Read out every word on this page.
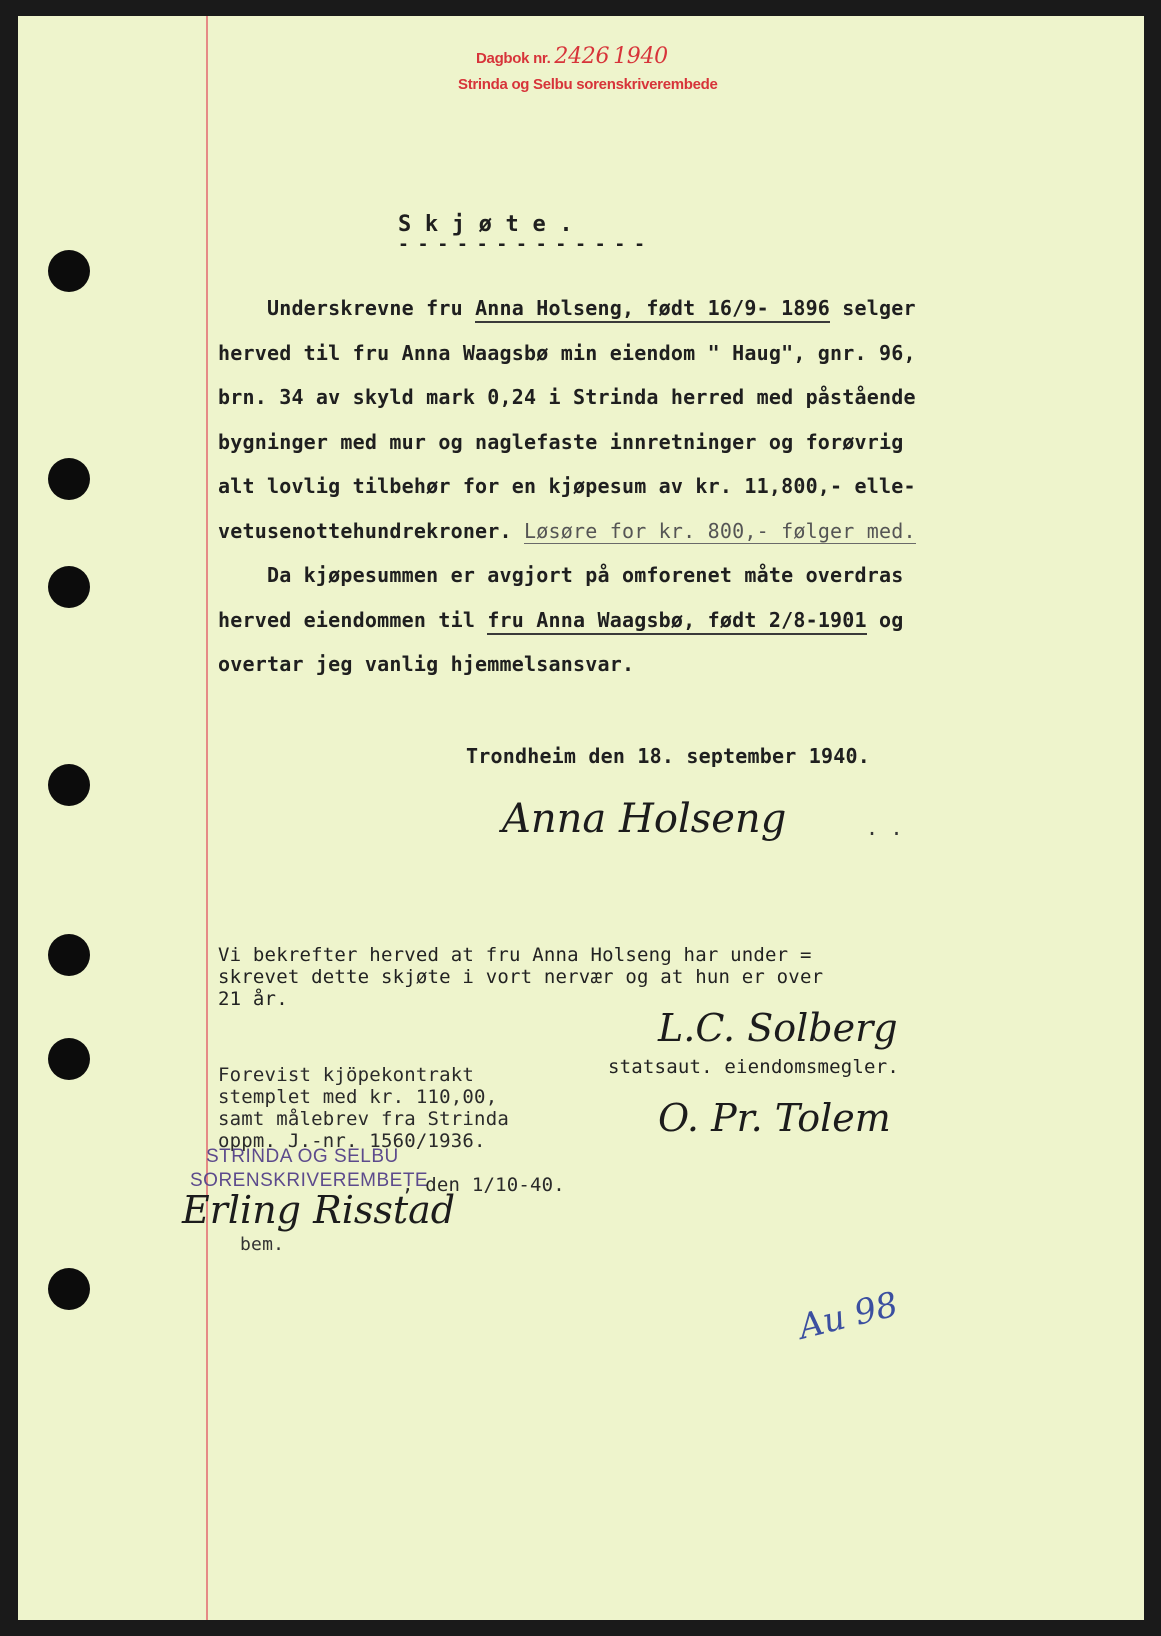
Dagbok nr. 2426 1940
Strinda og Selbu sorenskriverembede
S k j ø t e .
- - - - - - - - - - - - -
Underskrevne fru Anna Holseng, født 16/9- 1896 selger
herved til fru Anna Waagsbø min eiendom " Haug", gnr. 96,
brn. 34 av skyld mark 0,24 i Strinda herred med påstående
bygninger med mur og naglefaste innretninger og forøvrig
alt lovlig tilbehør for en kjøpesum av kr. 11,800,- elle-
vetusenottehundrekroner. Løsøre for kr. 800,- følger med.
Da kjøpesummen er avgjort på omforenet måte overdras
herved eiendommen til fru Anna Waagsbø, født 2/8-1901 og
overtar jeg vanlig hjemmelsansvar.
Trondheim den 18. september 1940.
Anna Holseng	. .
Vi bekrefter herved at fru Anna Holseng har under =
skrevet dette skjøte i vort nervær og at hun er over
21 år.
L.C. Solberg
statsaut. eiendomsmegler.
O. Pr. Tolem
Forevist kjöpekontrakt
stemplet med kr. 110,00,
samt målebrev fra Strinda
oppm. J.-nr. 1560/1936.
STRINDA OG SELBU
SORENSKRIVEREMBETE
, den 1/10-40.
Erling Risstad
bem.
Au 98
